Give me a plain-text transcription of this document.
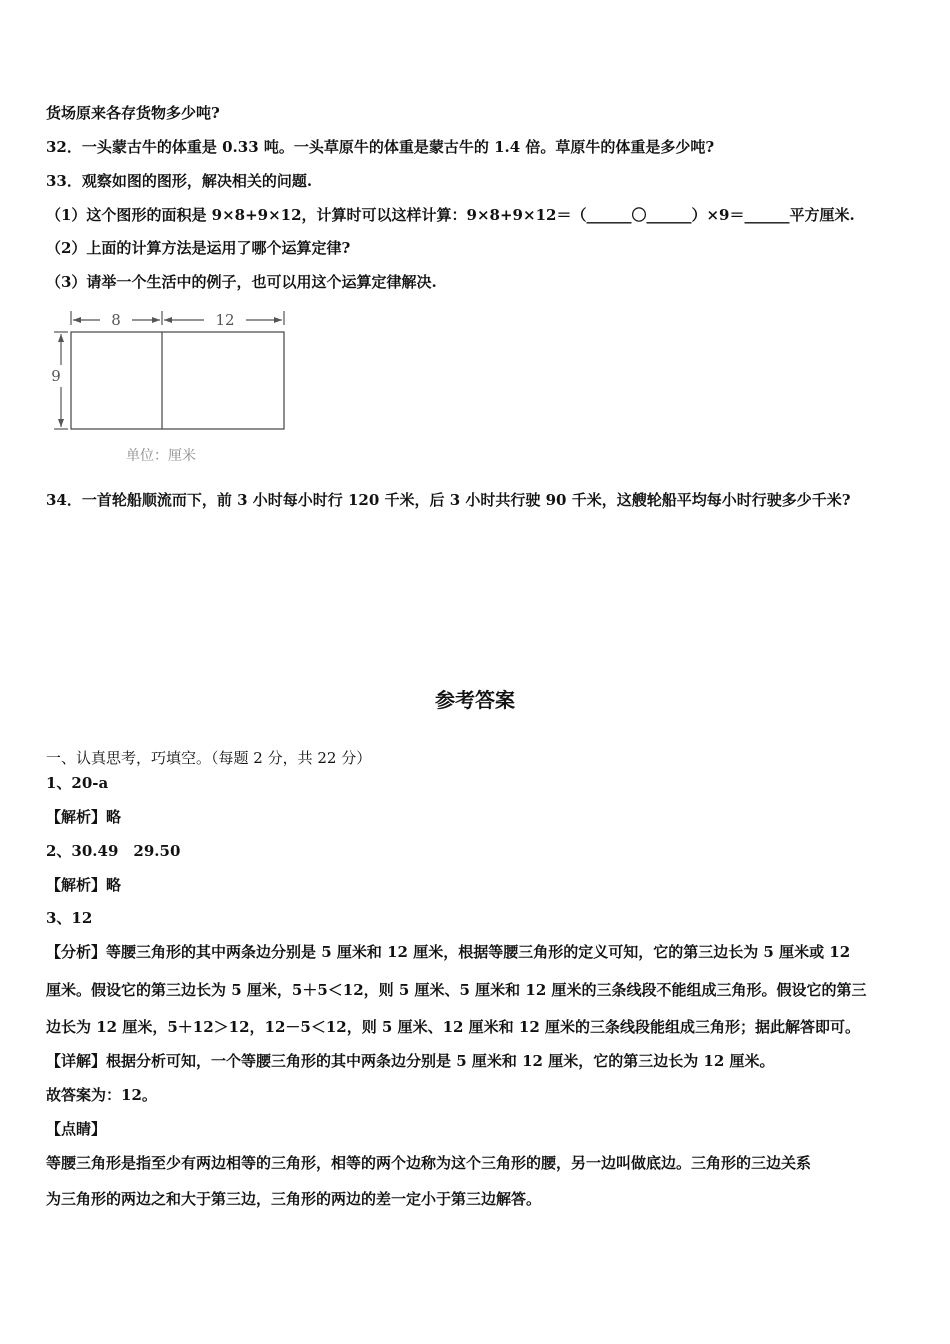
货场原来各存货物多少吨?
32．一头蒙古牛的体重是 0.33 吨。一头草原牛的体重是蒙古牛的 1.4 倍。草原牛的体重是多少吨?
33．观察如图的图形，解决相关的问题.
（1）这个图形的面积是 9×8+9×12，计算时可以这样计算：9×8+9×12＝（______〇______）×9＝______平方厘米.
（2）上面的计算方法是运用了哪个运算定律?
（3）请举一个生活中的例子，也可以用这个运算定律解决.
8	12
9
单位：厘米
34．一首轮船顺流而下，前 3 小时每小时行 120 千米，后 3 小时共行驶 90 千米，这艘轮船平均每小时行驶多少千米?
参考答案
一、认真思考，巧填空。（每题 2 分，共 22 分）
1、20-a
【解析】略
2、30.49　29.50
【解析】略
3、12
【分析】等腰三角形的其中两条边分别是 5 厘米和 12 厘米，根据等腰三角形的定义可知，它的第三边长为 5 厘米或 12
厘米。假设它的第三边长为 5 厘米，5＋5＜12，则 5 厘米、5 厘米和 12 厘米的三条线段不能组成三角形。假设它的第三
边长为 12 厘米，5＋12＞12，12－5＜12，则 5 厘米、12 厘米和 12 厘米的三条线段能组成三角形；据此解答即可。
【详解】根据分析可知，一个等腰三角形的其中两条边分别是 5 厘米和 12 厘米，它的第三边长为 12 厘米。
故答案为：12。
【点睛】
等腰三角形是指至少有两边相等的三角形，相等的两个边称为这个三角形的腰，另一边叫做底边。三角形的三边关系
为三角形的两边之和大于第三边，三角形的两边的差一定小于第三边解答。
